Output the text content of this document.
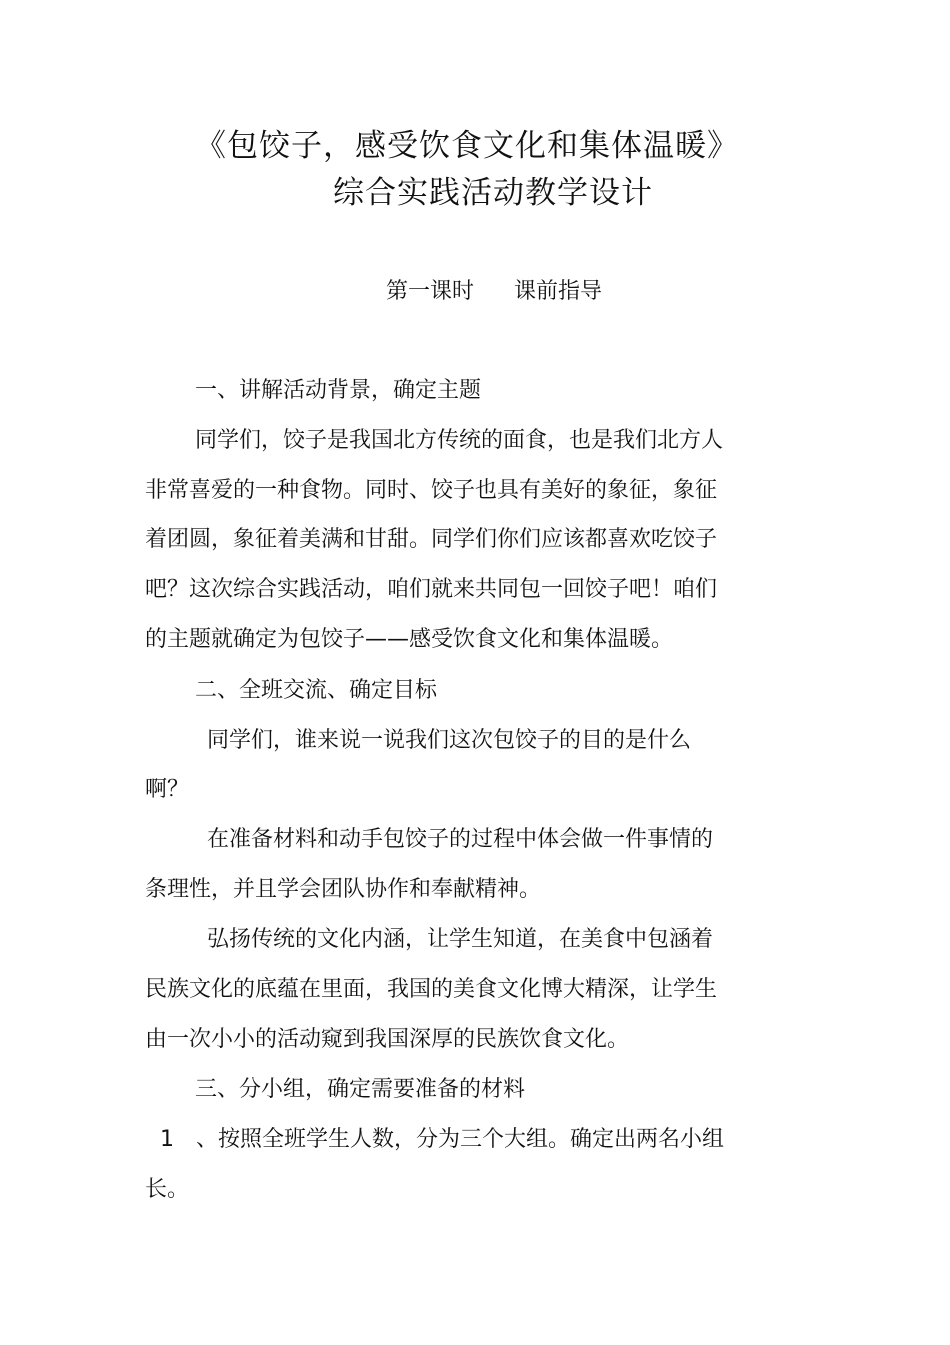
《包饺子，感受饮食文化和集体温暖》
综合实践活动教学设计
第一课时 课前指导
一、讲解活动背景，确定主题
同学们，饺子是我国北方传统的面食，也是我们北方人
非常喜爱的一种食物。同时、饺子也具有美好的象征，象征
着团圆，象征着美满和甘甜。同学们你们应该都喜欢吃饺子
吧？这次综合实践活动，咱们就来共同包一回饺子吧！咱们
的主题就确定为包饺子——感受饮食文化和集体温暖。
二、全班交流、确定目标
同学们，谁来说一说我们这次包饺子的目的是什么
啊？
在准备材料和动手包饺子的过程中体会做一件事情的
条理性，并且学会团队协作和奉献精神。
弘扬传统的文化内涵，让学生知道，在美食中包涵着
民族文化的底蕴在里面，我国的美食文化博大精深，让学生
由一次小小的活动窥到我国深厚的民族饮食文化。
三、分小组，确定需要准备的材料
1　、按照全班学生人数，分为三个大组。确定出两名小组
长。
